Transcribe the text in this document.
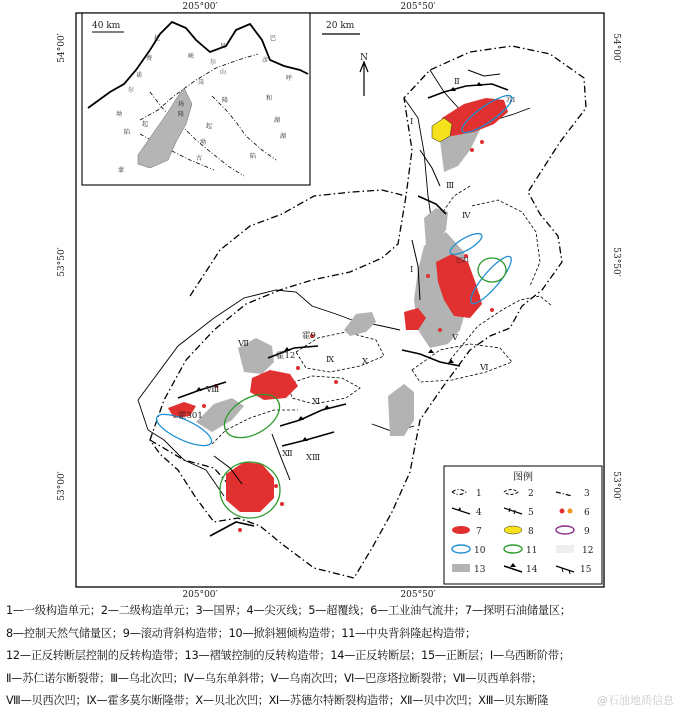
205°00′	205°50′
205°00′	205°50′
54°00′
53°50′
53°00′
54°00′
53°50′
53°00′
40 km
扎
赉
诺
尔
峡
巴
贝
彦
山
呼
尔
岗
和
湖
隆
陷
坳
起
隆
场
起
湖
陷
蒙
古
坳
20 km
N
Ⅰ
Ⅱ
Ⅲ
Ⅳ
Ⅰ
Ⅴ
Ⅵ
Ⅶ
Ⅷ
Ⅸ	Ⅹ
Ⅺ
Ⅻ ⅩⅢ
霍9
霍12
霍301
苏1
巴21
图例
1	2	3
4	5	6
7	8	9
10	11	12
13	14	15
1—一级构造单元；2—二级构造单元；3—国界；4—尖灭线；5—超覆线；6—工业油气流井；7—探明石油储量区；
8—控制天然气储量区；9—滚动背斜构造带；10—掀斜翘倾构造带；11—中央背斜隆起构造带；
12—正反转断层控制的反转构造带；13—褶皱控制的反转构造带；14—正反转断层；15—正断层；Ⅰ—乌西断阶带；
Ⅱ—苏仁诺尔断裂带；Ⅲ—乌北次凹；Ⅳ—乌东单斜带；Ⅴ—乌南次凹；Ⅵ—巴彦塔拉断裂带；Ⅶ—贝西单斜带；
Ⅷ—贝西次凹；Ⅸ—霍多莫尔断隆带；Ⅹ—贝北次凹；Ⅺ—苏德尔特断裂构造带；Ⅻ—贝中次凹；ⅩⅢ—贝东断隆	@石油地质信息
